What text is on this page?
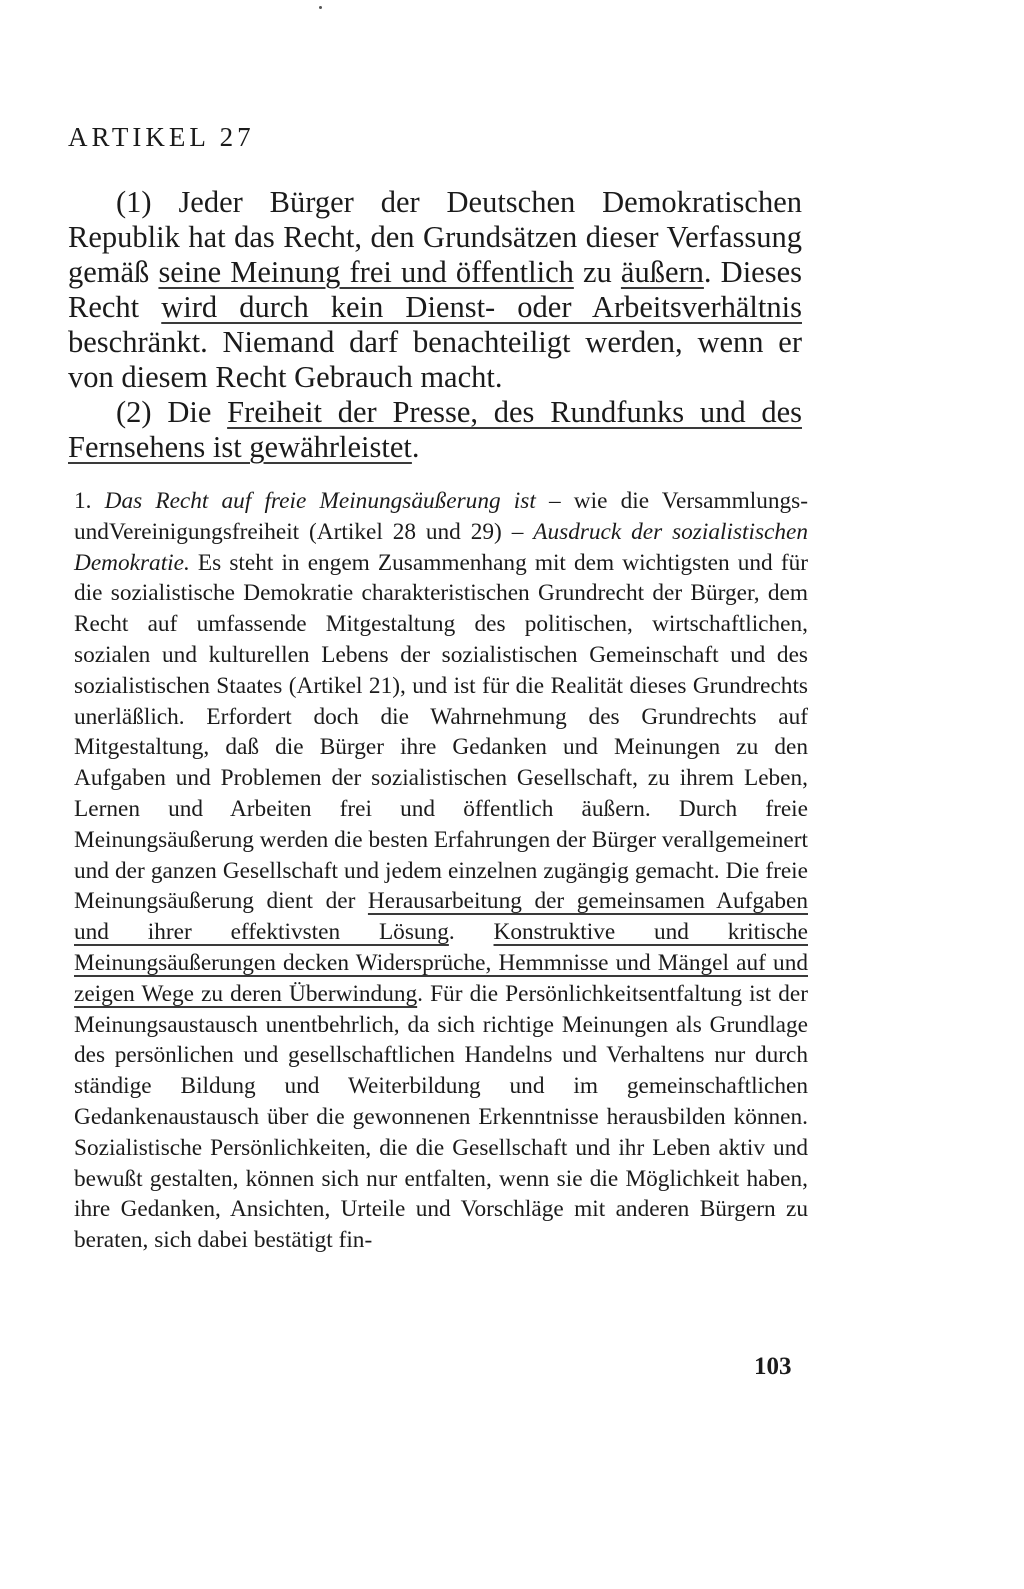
ARTIKEL 27

(1) Jeder Bürger der Deutschen Demokratischen Republik hat das Recht, den Grundsätzen dieser Verfassung gemäß seine Meinung frei und öffentlich zu äußern. Dieses Recht wird durch kein Dienst- oder Arbeitsverhältnis beschränkt. Niemand darf benachteiligt werden, wenn er von diesem Recht Gebrauch macht.

(2) Die Freiheit der Presse, des Rundfunks und des Fernsehens ist gewährleistet.

1. Das Recht auf freie Meinungsäußerung ist – wie die Versammlungs- undVereinigungsfreiheit (Artikel 28 und 29) – Ausdruck der sozialistischen Demokratie. Es steht in engem Zusammenhang mit dem wichtigsten und für die sozialistische Demokratie charakteristischen Grundrecht der Bürger, dem Recht auf umfassende Mitgestaltung des politischen, wirtschaftlichen, sozialen und kulturellen Lebens der sozialistischen Gemeinschaft und des sozialistischen Staates (Artikel 21), und ist für die Realität dieses Grundrechts unerläßlich. Erfordert doch die Wahrnehmung des Grundrechts auf Mitgestaltung, daß die Bürger ihre Gedanken und Meinungen zu den Aufgaben und Problemen der sozialistischen Gesellschaft, zu ihrem Leben, Lernen und Arbeiten frei und öffentlich äußern. Durch freie Meinungsäußerung werden die besten Erfahrungen der Bürger verallgemeinert und der ganzen Gesellschaft und jedem einzelnen zugängig gemacht. Die freie Meinungsäußerung dient der Herausarbeitung der gemeinsamen Aufgaben und ihrer effektivsten Lösung. Konstruktive und kritische Meinungsäußerungen decken Widersprüche, Hemmnisse und Mängel auf und zeigen Wege zu deren Überwindung. Für die Persönlichkeitsentfaltung ist der Meinungsaustausch unentbehrlich, da sich richtige Meinungen als Grundlage des persönlichen und gesellschaftlichen Handelns und Verhaltens nur durch ständige Bildung und Weiterbildung und im gemeinschaftlichen Gedankenaustausch über die gewonnenen Erkenntnisse herausbilden können. Sozialistische Persönlichkeiten, die die Gesellschaft und ihr Leben aktiv und bewußt gestalten, können sich nur entfalten, wenn sie die Möglichkeit haben, ihre Gedanken, Ansichten, Urteile und Vorschläge mit anderen Bürgern zu beraten, sich dabei bestätigt fin-

103
